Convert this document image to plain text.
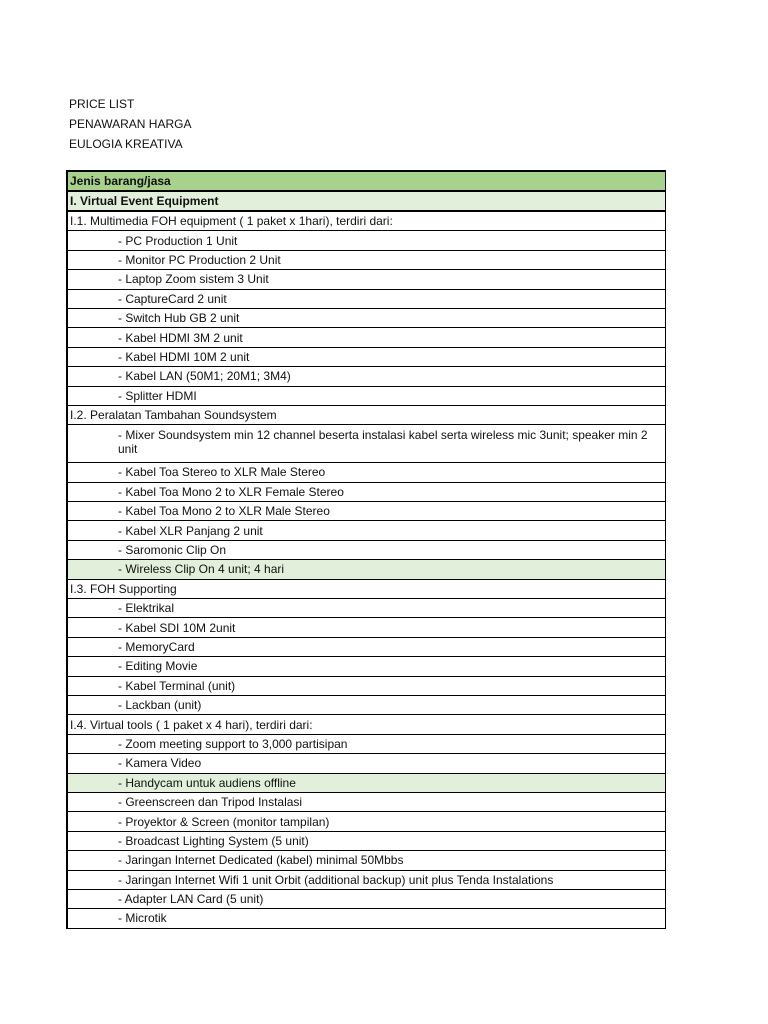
PRICE LIST
PENAWARAN HARGA
EULOGIA KREATIVA
Jenis barang/jasa
I. Virtual Event Equipment
I.1. Multimedia FOH equipment ( 1 paket x 1hari), terdiri dari:
- PC Production 1 Unit
- Monitor PC Production 2 Unit
- Laptop Zoom sistem 3 Unit
- CaptureCard 2 unit
- Switch Hub GB 2 unit
- Kabel HDMI 3M 2 unit
- Kabel HDMI 10M 2 unit
- Kabel LAN (50M1; 20M1; 3M4)
- Splitter HDMI
I.2. Peralatan Tambahan Soundsystem
- Mixer Soundsystem min 12 channel beserta instalasi kabel serta wireless mic 3unit; speaker min 2 unit
- Kabel Toa Stereo to XLR Male Stereo
- Kabel Toa Mono 2 to XLR Female Stereo
- Kabel Toa Mono 2 to XLR Male Stereo
- Kabel XLR Panjang 2 unit
- Saromonic Clip On
- Wireless Clip On 4 unit; 4 hari
I.3. FOH Supporting
- Elektrikal
- Kabel SDI 10M 2unit
- MemoryCard
- Editing Movie
- Kabel Terminal (unit)
- Lackban (unit)
I.4. Virtual tools ( 1 paket x 4 hari), terdiri dari:
- Zoom meeting support to 3,000 partisipan
- Kamera Video
- Handycam untuk audiens offline
- Greenscreen dan Tripod Instalasi
- Proyektor & Screen (monitor tampilan)
- Broadcast Lighting System (5 unit)
- Jaringan Internet Dedicated (kabel) minimal 50Mbbs
- Jaringan Internet Wifi 1 unit Orbit (additional backup) unit plus Tenda Instalations
- Adapter LAN Card (5 unit)
- Microtik
